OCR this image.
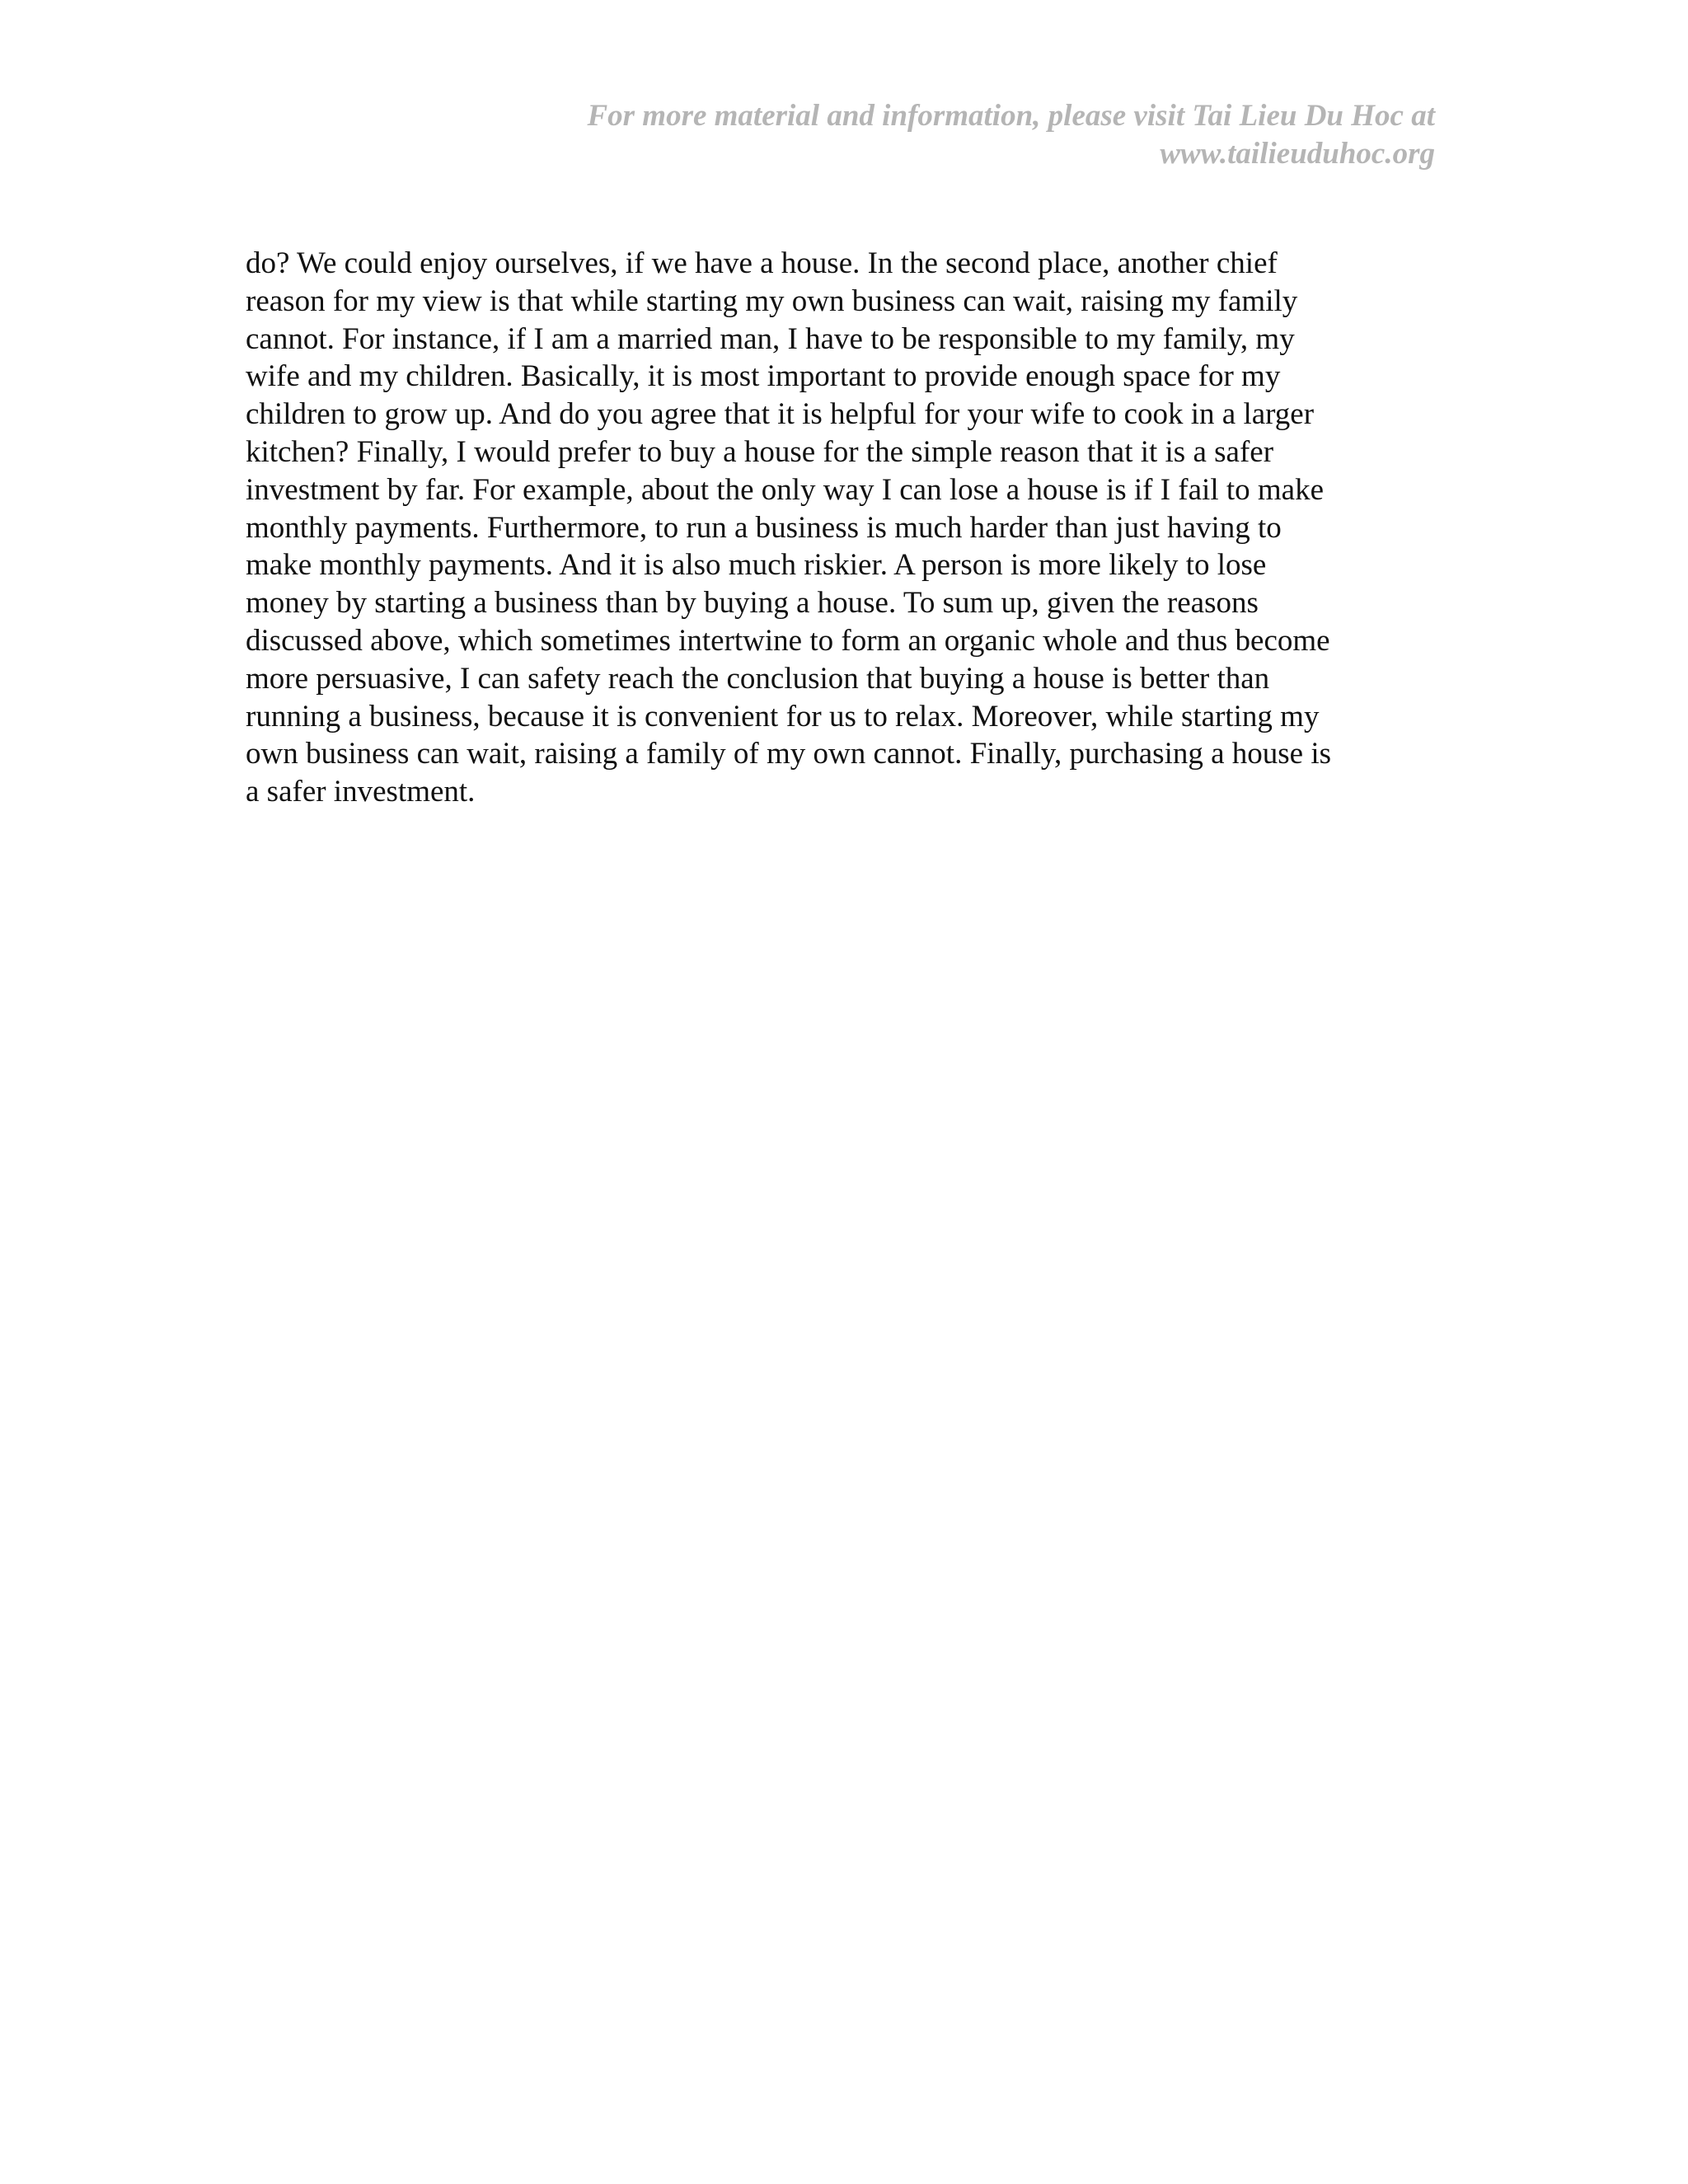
For more material and information, please visit Tai Lieu Du Hoc at
www.tailieuduhoc.org
do? We could enjoy ourselves, if we have a house. In the second place, another chief
reason for my view is that while starting my own business can wait, raising my family
cannot. For instance, if I am a married man, I have to be responsible to my family, my
wife and my children. Basically, it is most important to provide enough space for my
children to grow up. And do you agree that it is helpful for your wife to cook in a larger
kitchen? Finally, I would prefer to buy a house for the simple reason that it is a safer
investment by far. For example, about the only way I can lose a house is if I fail to make
monthly payments. Furthermore, to run a business is much harder than just having to
make monthly payments. And it is also much riskier. A person is more likely to lose
money by starting a business than by buying a house. To sum up, given the reasons
discussed above, which sometimes intertwine to form an organic whole and thus become
more persuasive, I can safety reach the conclusion that buying a house is better than
running a business, because it is convenient for us to relax. Moreover, while starting my
own business can wait, raising a family of my own cannot. Finally, purchasing a house is
a safer investment.
